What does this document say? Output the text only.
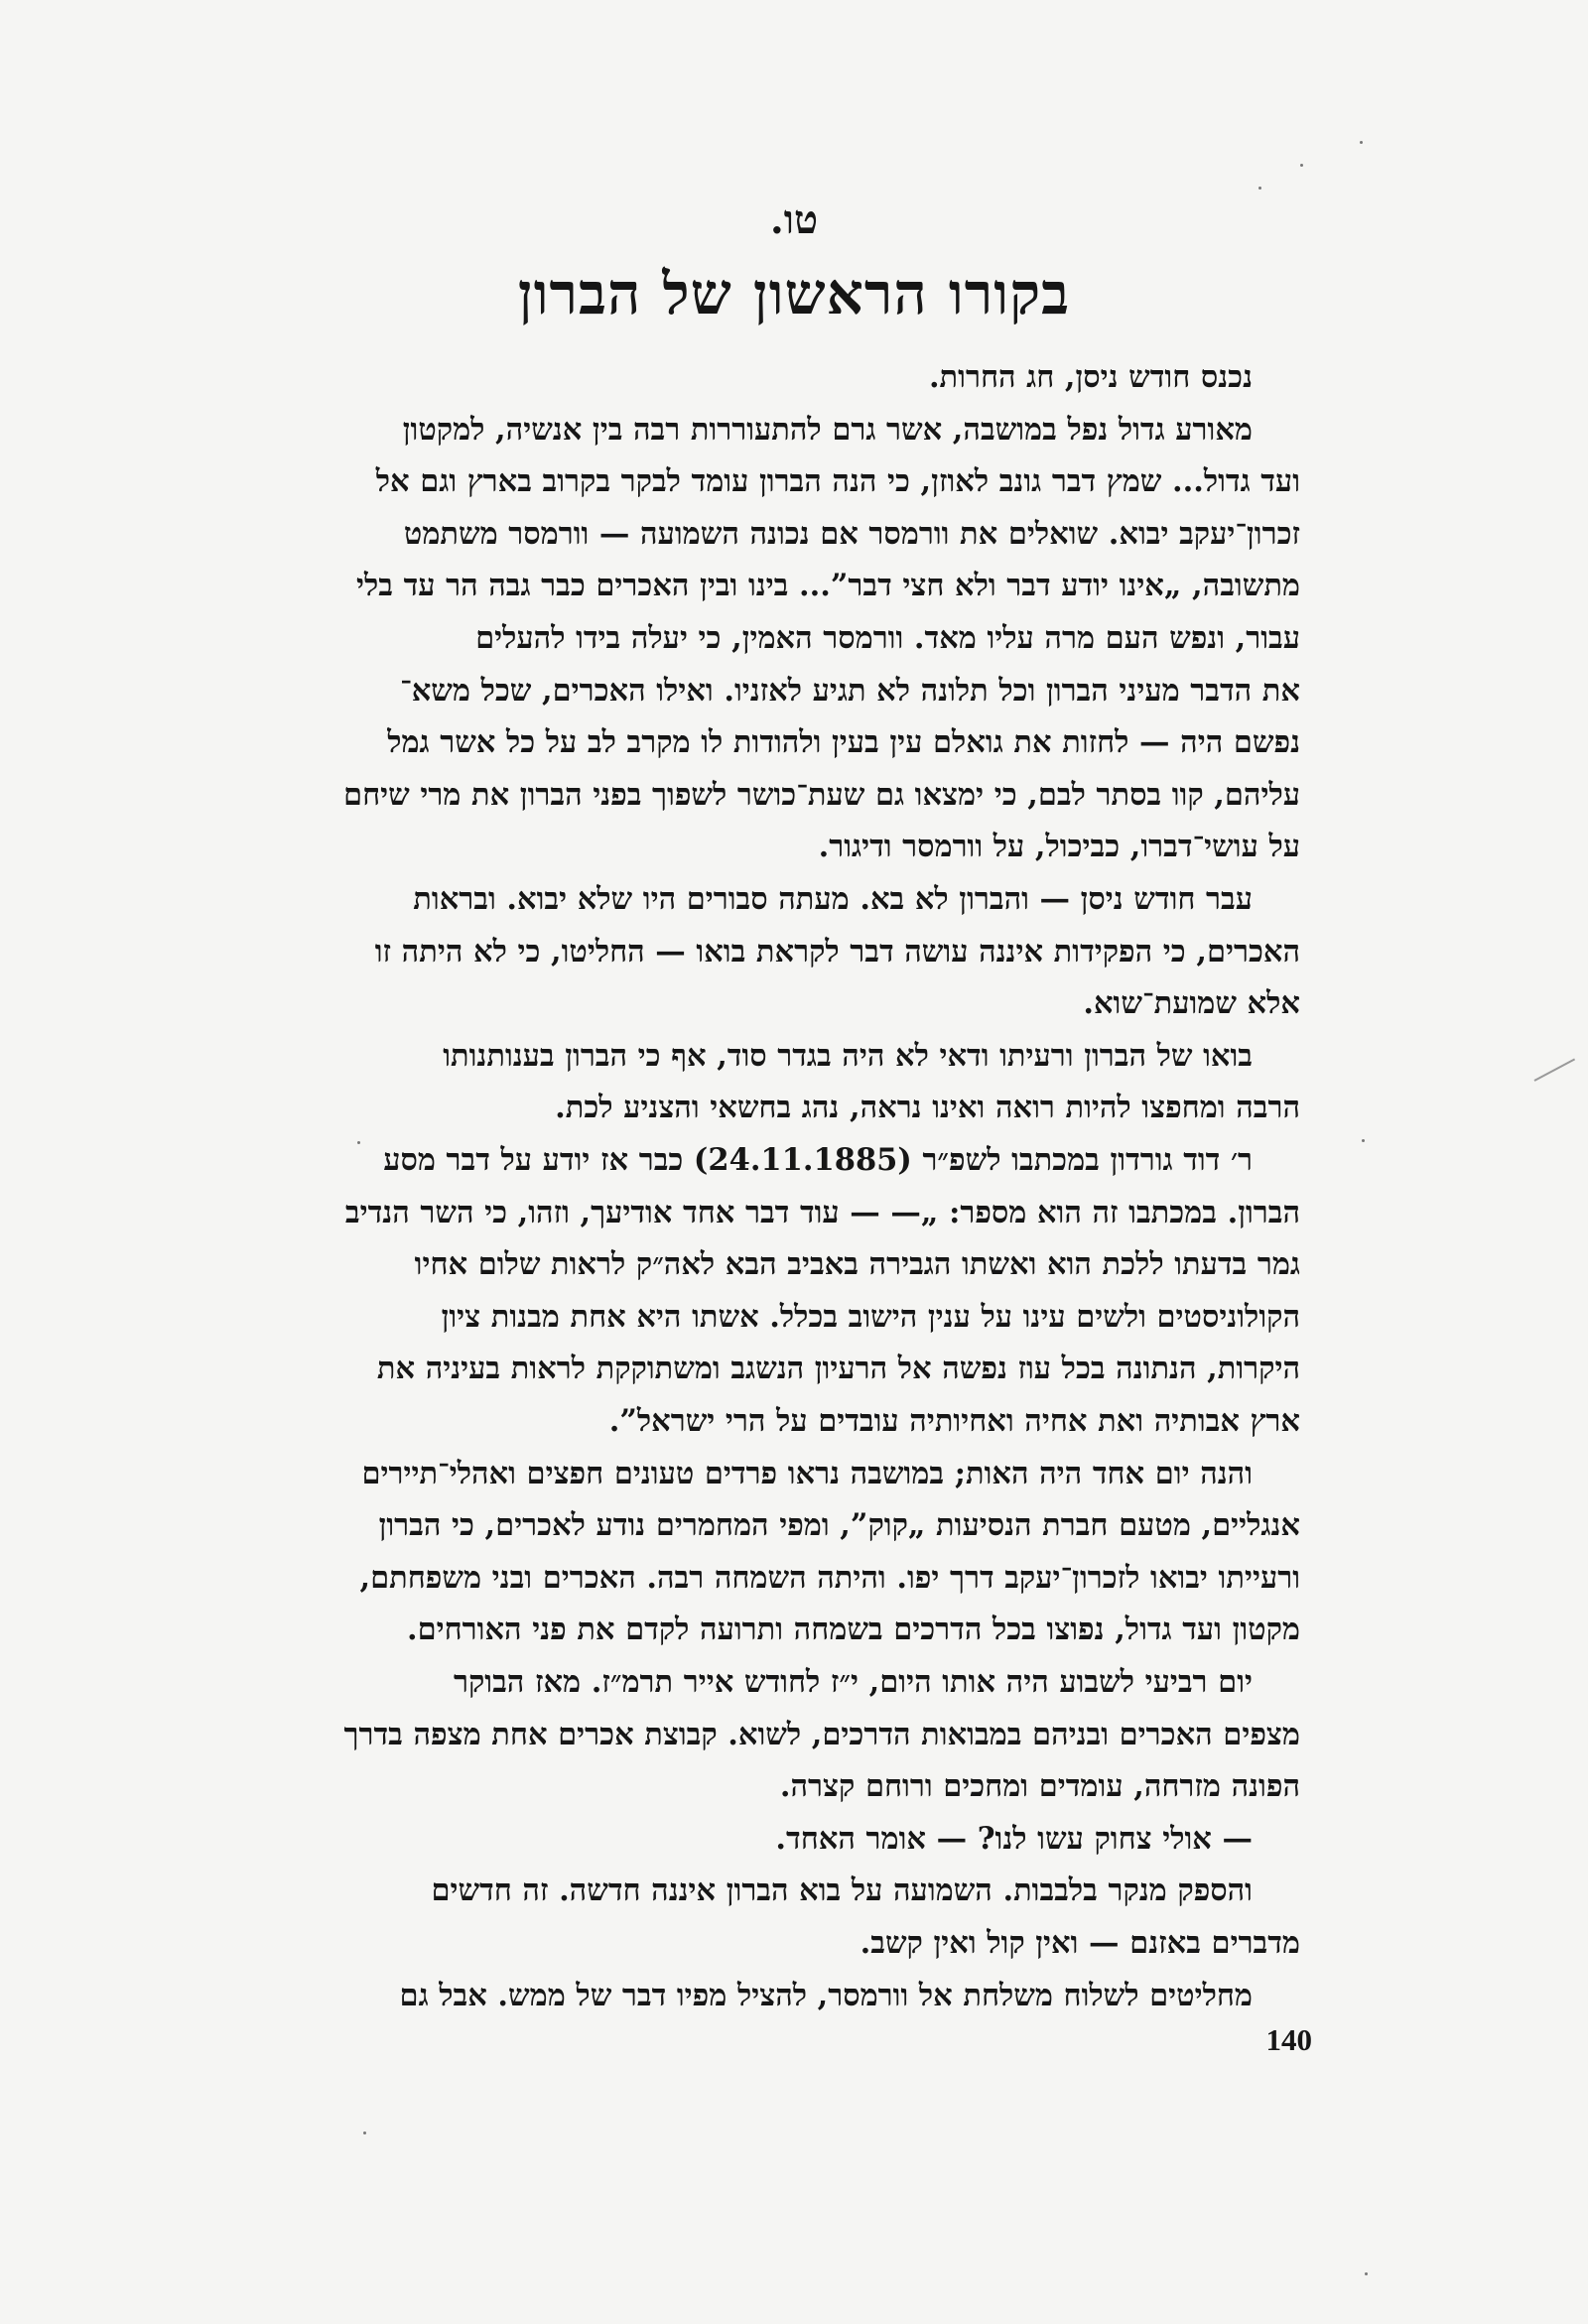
טו.
בקורו הראשון של הברון
נכנס חודש ניסן, חג החרות.
מאורע גדול נפל במושבה, אשר גרם להתעוררות רבה בין אנשיה, למקטון
ועד גדול... שמץ דבר גונב לאוזן, כי הנה הברון עומד לבקר בקרוב בארץ וגם אל
זכרון־יעקב יבוא. שואלים את וורמסר אם נכונה השמועה — וורמסר משתמט
מתשובה, „אינו יודע דבר ולא חצי דבר”... בינו ובין האכרים כבר גבה הר עד בלי
עבור, ונפש העם מרה עליו מאד. וורמסר האמין, כי יעלה בידו להעלים
את הדבר מעיני הברון וכל תלונה לא תגיע לאזניו. ואילו האכרים, שכל משא־
נפשם היה — לחזות את גואלם עין בעין ולהודות לו מקרב לב על כל אשר גמל
עליהם, קוו בסתר לבם, כי ימצאו גם שעת־כושר לשפוך בפני הברון את מרי שיחם
על עושי־דברו, כביכול, על וורמסר ודיגור.
עבר חודש ניסן — והברון לא בא. מעתה סבורים היו שלא יבוא. ובראות
האכרים, כי הפקידות איננה עושה דבר לקראת בואו — החליטו, כי לא היתה זו
אלא שמועת־שוא.
בואו של הברון ורעיתו ודאי לא היה בגדר סוד, אף כי הברון בענותנותו
הרבה ומחפצו להיות רואה ואינו נראה, נהג בחשאי והצניע לכת.
ר׳ דוד גורדון במכתבו לשפ״ר (24.11.1885) כבר אז יודע על דבר מסע
הברון. במכתבו זה הוא מספר: „— — עוד דבר אחד אודיעך, וזהו, כי השר הנדיב
גמר בדעתו ללכת הוא ואשתו הגבירה באביב הבא לאה״ק לראות שלום אחיו
הקולוניסטים ולשים עינו על ענין הישוב בכלל. אשתו היא אחת מבנות ציון
היקרות, הנתונה בכל עוז נפשה אל הרעיון הנשגב ומשתוקקת לראות בעיניה את
ארץ אבותיה ואת אחיה ואחיותיה עובדים על הרי ישראל”.
והנה יום אחד היה האות; במושבה נראו פרדים טעונים חפצים ואהלי־תיירים
אנגליים, מטעם חברת הנסיעות „קוק”, ומפי המחמרים נודע לאכרים, כי הברון
ורעייתו יבואו לזכרון־יעקב דרך יפו. והיתה השמחה רבה. האכרים ובני משפחתם,
מקטון ועד גדול, נפוצו בכל הדרכים בשמחה ותרועה לקדם את פני האורחים.
יום רביעי לשבוע היה אותו היום, י״ז לחודש אייר תרמ״ז. מאז הבוקר
מצפים האכרים ובניהם במבואות הדרכים, לשוא. קבוצת אכרים אחת מצפה בדרך
הפונה מזרחה, עומדים ומחכים ורוחם קצרה.
— אולי צחוק עשו לנו? — אומר האחד.
והספק מנקר בלבבות. השמועה על בוא הברון איננה חדשה. זה חדשים
מדברים באזנם — ואין קול ואין קשב.
מחליטים לשלוח משלחת אל וורמסר, להציל מפיו דבר של ממש. אבל גם
140
